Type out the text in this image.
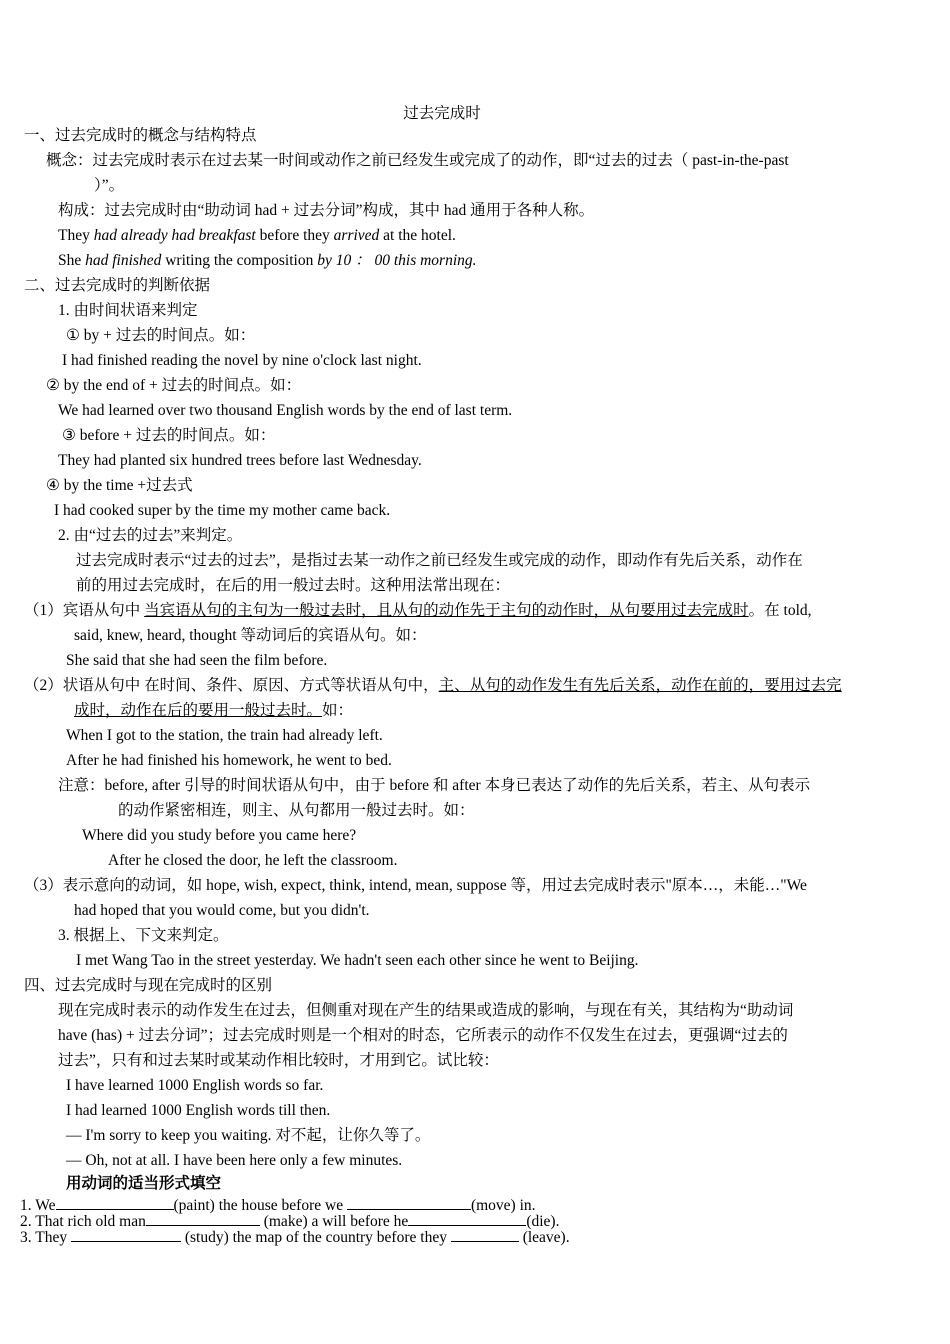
过去完成时
一、过去完成时的概念与结构特点
概念：过去完成时表示在过去某一时间或动作之前已经发生或完成了的动作，即“过去的过去（ past-in-the-past
）”。
构成：过去完成时由“助动词 had + 过去分词”构成，其中 had 通用于各种人称。
They had already had breakfast before they arrived at the hotel.
She had finished writing the composition by 10 ： 00 this morning.
二、过去完成时的判断依据
1. 由时间状语来判定
① by + 过去的时间点。如：
I had finished reading the novel by nine o'clock last night.
② by the end of + 过去的时间点。如：
We had learned over two thousand English words by the end of last term.
③ before + 过去的时间点。如：
They had planted six hundred trees before last Wednesday.
④ by the time +过去式
I had cooked super by the time my mother came back.
2. 由“过去的过去”来判定。
过去完成时表示“过去的过去”，是指过去某一动作之前已经发生或完成的动作，即动作有先后关系，动作在
前的用过去完成时，在后的用一般过去时。这种用法常出现在：
（1）宾语从句中 当宾语从句的主句为一般过去时，且从句的动作先于主句的动作时，从句要用过去完成时。在 told,
said, knew, heard, thought 等动词后的宾语从句。如：
She said that she had seen the film before.
（2）状语从句中 在时间、条件、原因、方式等状语从句中，主、从句的动作发生有先后关系，动作在前的，要用过去完
成时，动作在后的要用一般过去时。如：
When I got to the station, the train had already left.
After he had finished his homework, he went to bed.
注意：before, after 引导的时间状语从句中，由于 before 和 after 本身已表达了动作的先后关系，若主、从句表示
的动作紧密相连，则主、从句都用一般过去时。如：
Where did you study before you came here?
After he closed the door, he left the classroom.
（3）表示意向的动词，如 hope, wish, expect, think, intend, mean, suppose 等，用过去完成时表示"原本…，未能…"We
had hoped that you would come, but you didn't.
3. 根据上、下文来判定。
I met Wang Tao in the street yesterday. We hadn't seen each other since he went to Beijing.
四、过去完成时与现在完成时的区别
现在完成时表示的动作发生在过去，但侧重对现在产生的结果或造成的影响，与现在有关，其结构为“助动词
have (has) + 过去分词”；过去完成时则是一个相对的时态，它所表示的动作不仅发生在过去，更强调“过去的
过去”，只有和过去某时或某动作相比较时，才用到它。试比较：
I have learned 1000 English words so far.
I had learned 1000 English words till then.
— I'm sorry to keep you waiting. 对不起，让你久等了。
— Oh, not at all. I have been here only a few minutes.
用动词的适当形式填空
1. We	(paint) the house before we	(move) in.
2. That rich old man	(make) a will before he	(die).
3. They	(study) the map of the country before they	(leave).
